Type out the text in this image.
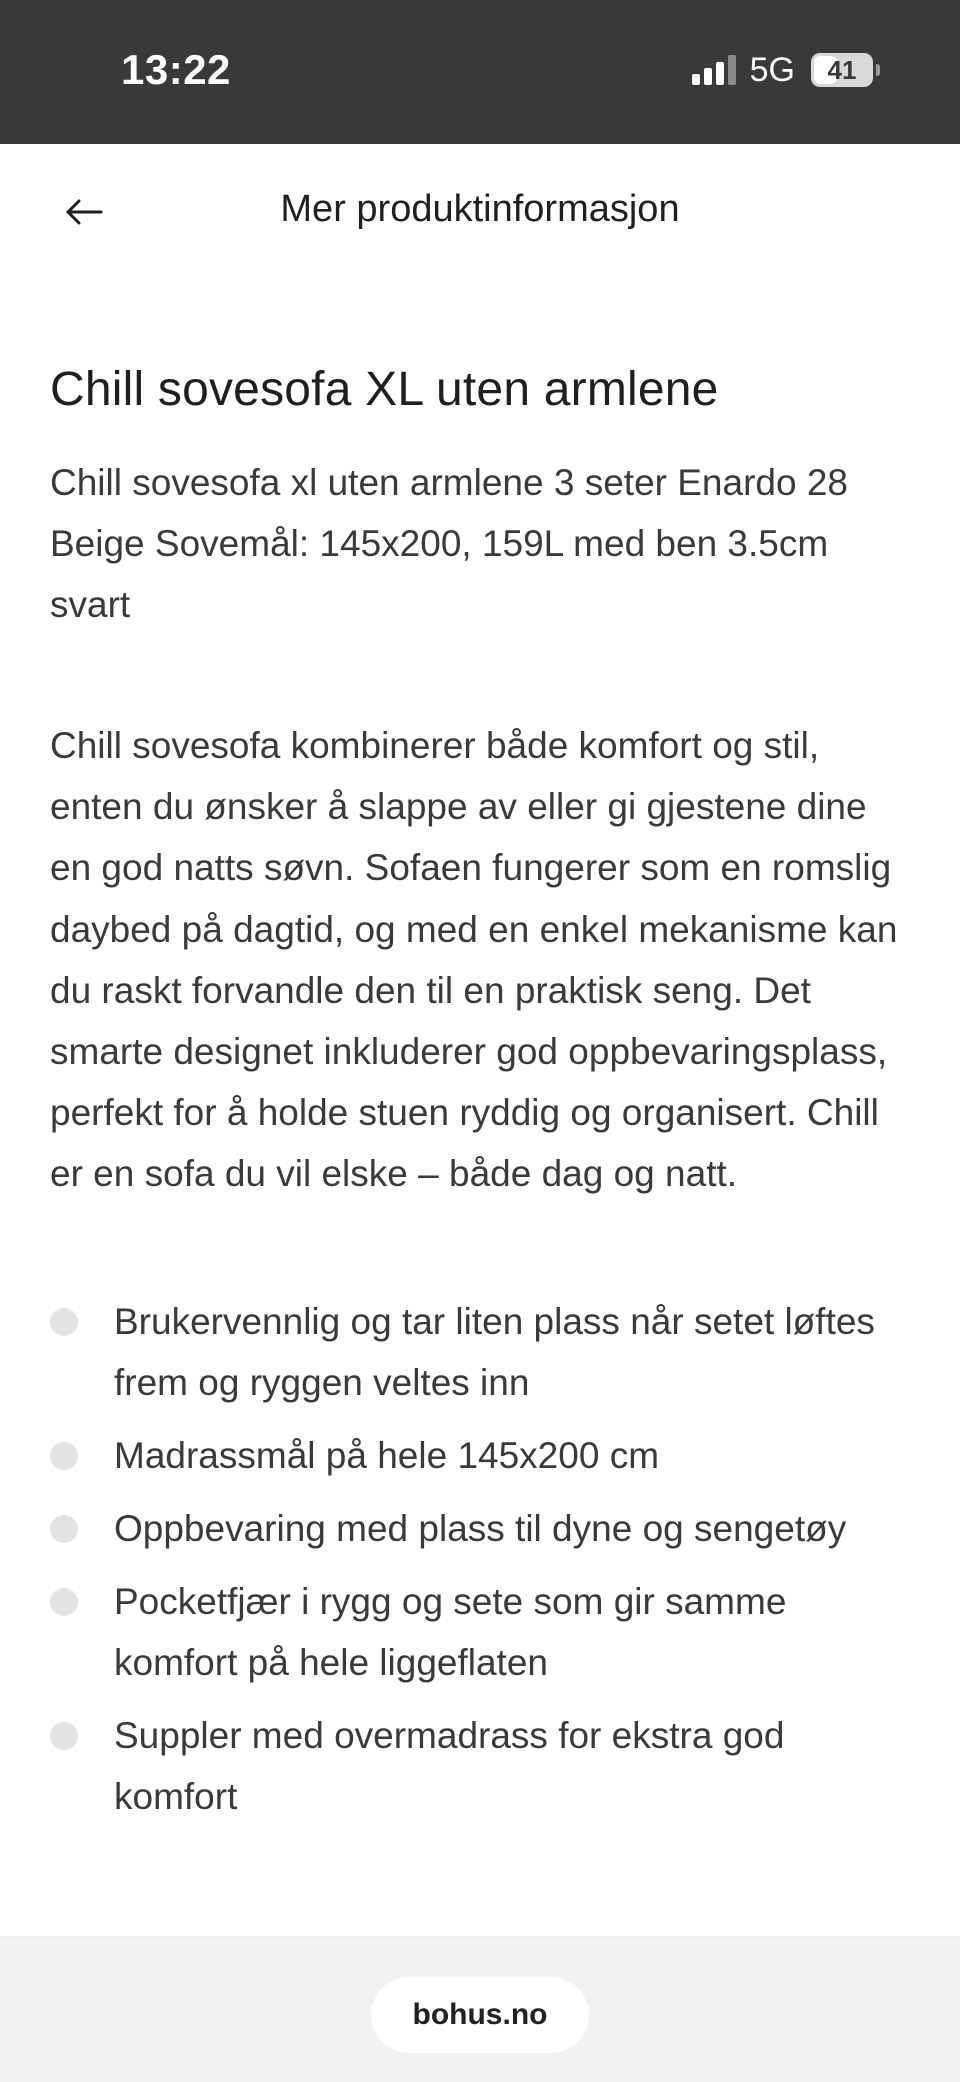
13:22	5G 41
Mer produktinformasjon
Chill sovesofa XL uten armlene

Chill sovesofa xl uten armlene 3 seter Enardo 28 Beige Sovemål: 145x200, 159L med ben 3.5cm svart

Chill sovesofa kombinerer både komfort og stil, enten du ønsker å slappe av eller gi gjestene dine en god natts søvn. Sofaen fungerer som en romslig daybed på dagtid, og med en enkel mekanisme kan du raskt forvandle den til en praktisk seng. Det smarte designet inkluderer god oppbevaringsplass, perfekt for å holde stuen ryddig og organisert. Chill er en sofa du vil elske – både dag og natt.

Brukervennlig og tar liten plass når setet løftes frem og ryggen veltes inn
Madrassmål på hele 145x200 cm
Oppbevaring med plass til dyne og sengetøy
Pocketfjær i rygg og sete som gir samme komfort på hele liggeflaten
Suppler med overmadrass for ekstra god komfort
bohus.no
